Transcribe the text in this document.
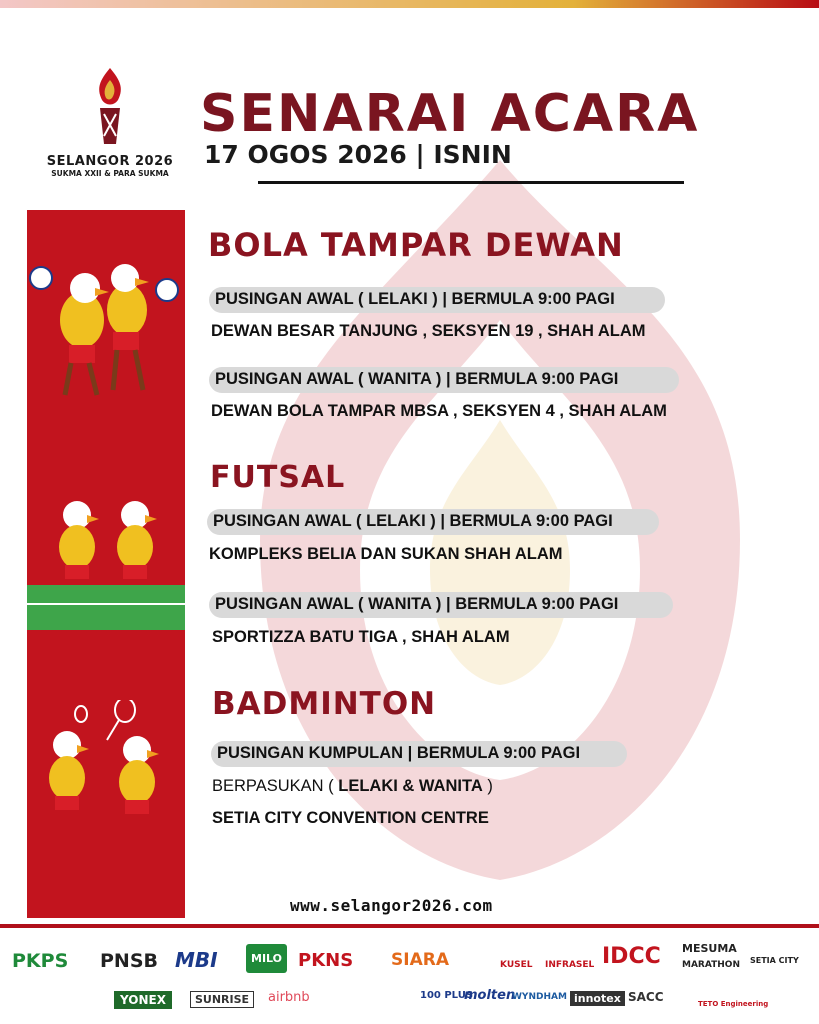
SELANGOR 2026
SUKMA XXII & PARA SUKMA
SENARAI ACARA
17 OGOS 2026 | ISNIN
BOLA TAMPAR DEWAN
PUSINGAN AWAL ( LELAKI ) | BERMULA 9:00 PAGI
DEWAN BESAR TANJUNG , SEKSYEN 19 , SHAH ALAM
PUSINGAN AWAL ( WANITA ) | BERMULA 9:00 PAGI
DEWAN BOLA TAMPAR MBSA , SEKSYEN 4 , SHAH ALAM
FUTSAL
PUSINGAN AWAL ( LELAKI ) | BERMULA 9:00 PAGI
KOMPLEKS BELIA DAN SUKAN SHAH ALAM
PUSINGAN AWAL ( WANITA ) | BERMULA 9:00 PAGI
SPORTIZZA BATU TIGA , SHAH ALAM
BADMINTON
PUSINGAN KUMPULAN | BERMULA 9:00 PAGI
BERPASUKAN ( LELAKI & WANITA )
SETIA CITY CONVENTION CENTRE
www.selangor2026.com
PKPS PNSB MBI	MILO PKNS SIARA	KUSEL INFRASEL IDCC MESUMA
MARATHON SETIA CITY
YONEX	SUNRISE	airbnb	100 PLUS
molten
WYNDHAM innotex SACC	TETO Engineering
